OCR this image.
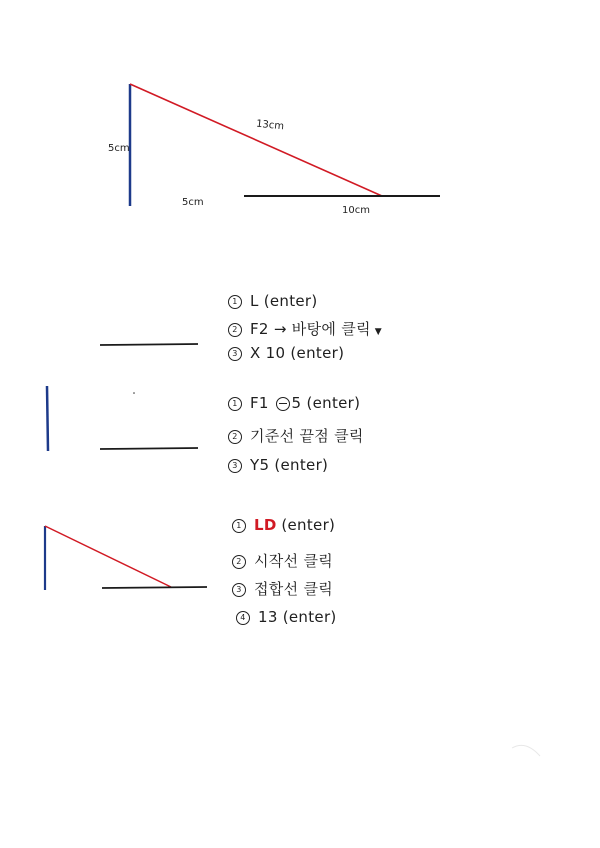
5cm
5cm
13cm
10cm
1 L (enter)
2 F2 → 바탕에 클릭 ▼
3 X 10 (enter)
1 F1 5 (enter)
2 기준선 끝점 클릭
3 Y5 (enter)
1 LD (enter)
2 시작선 클릭
3 접합선 클릭
4 13 (enter)
